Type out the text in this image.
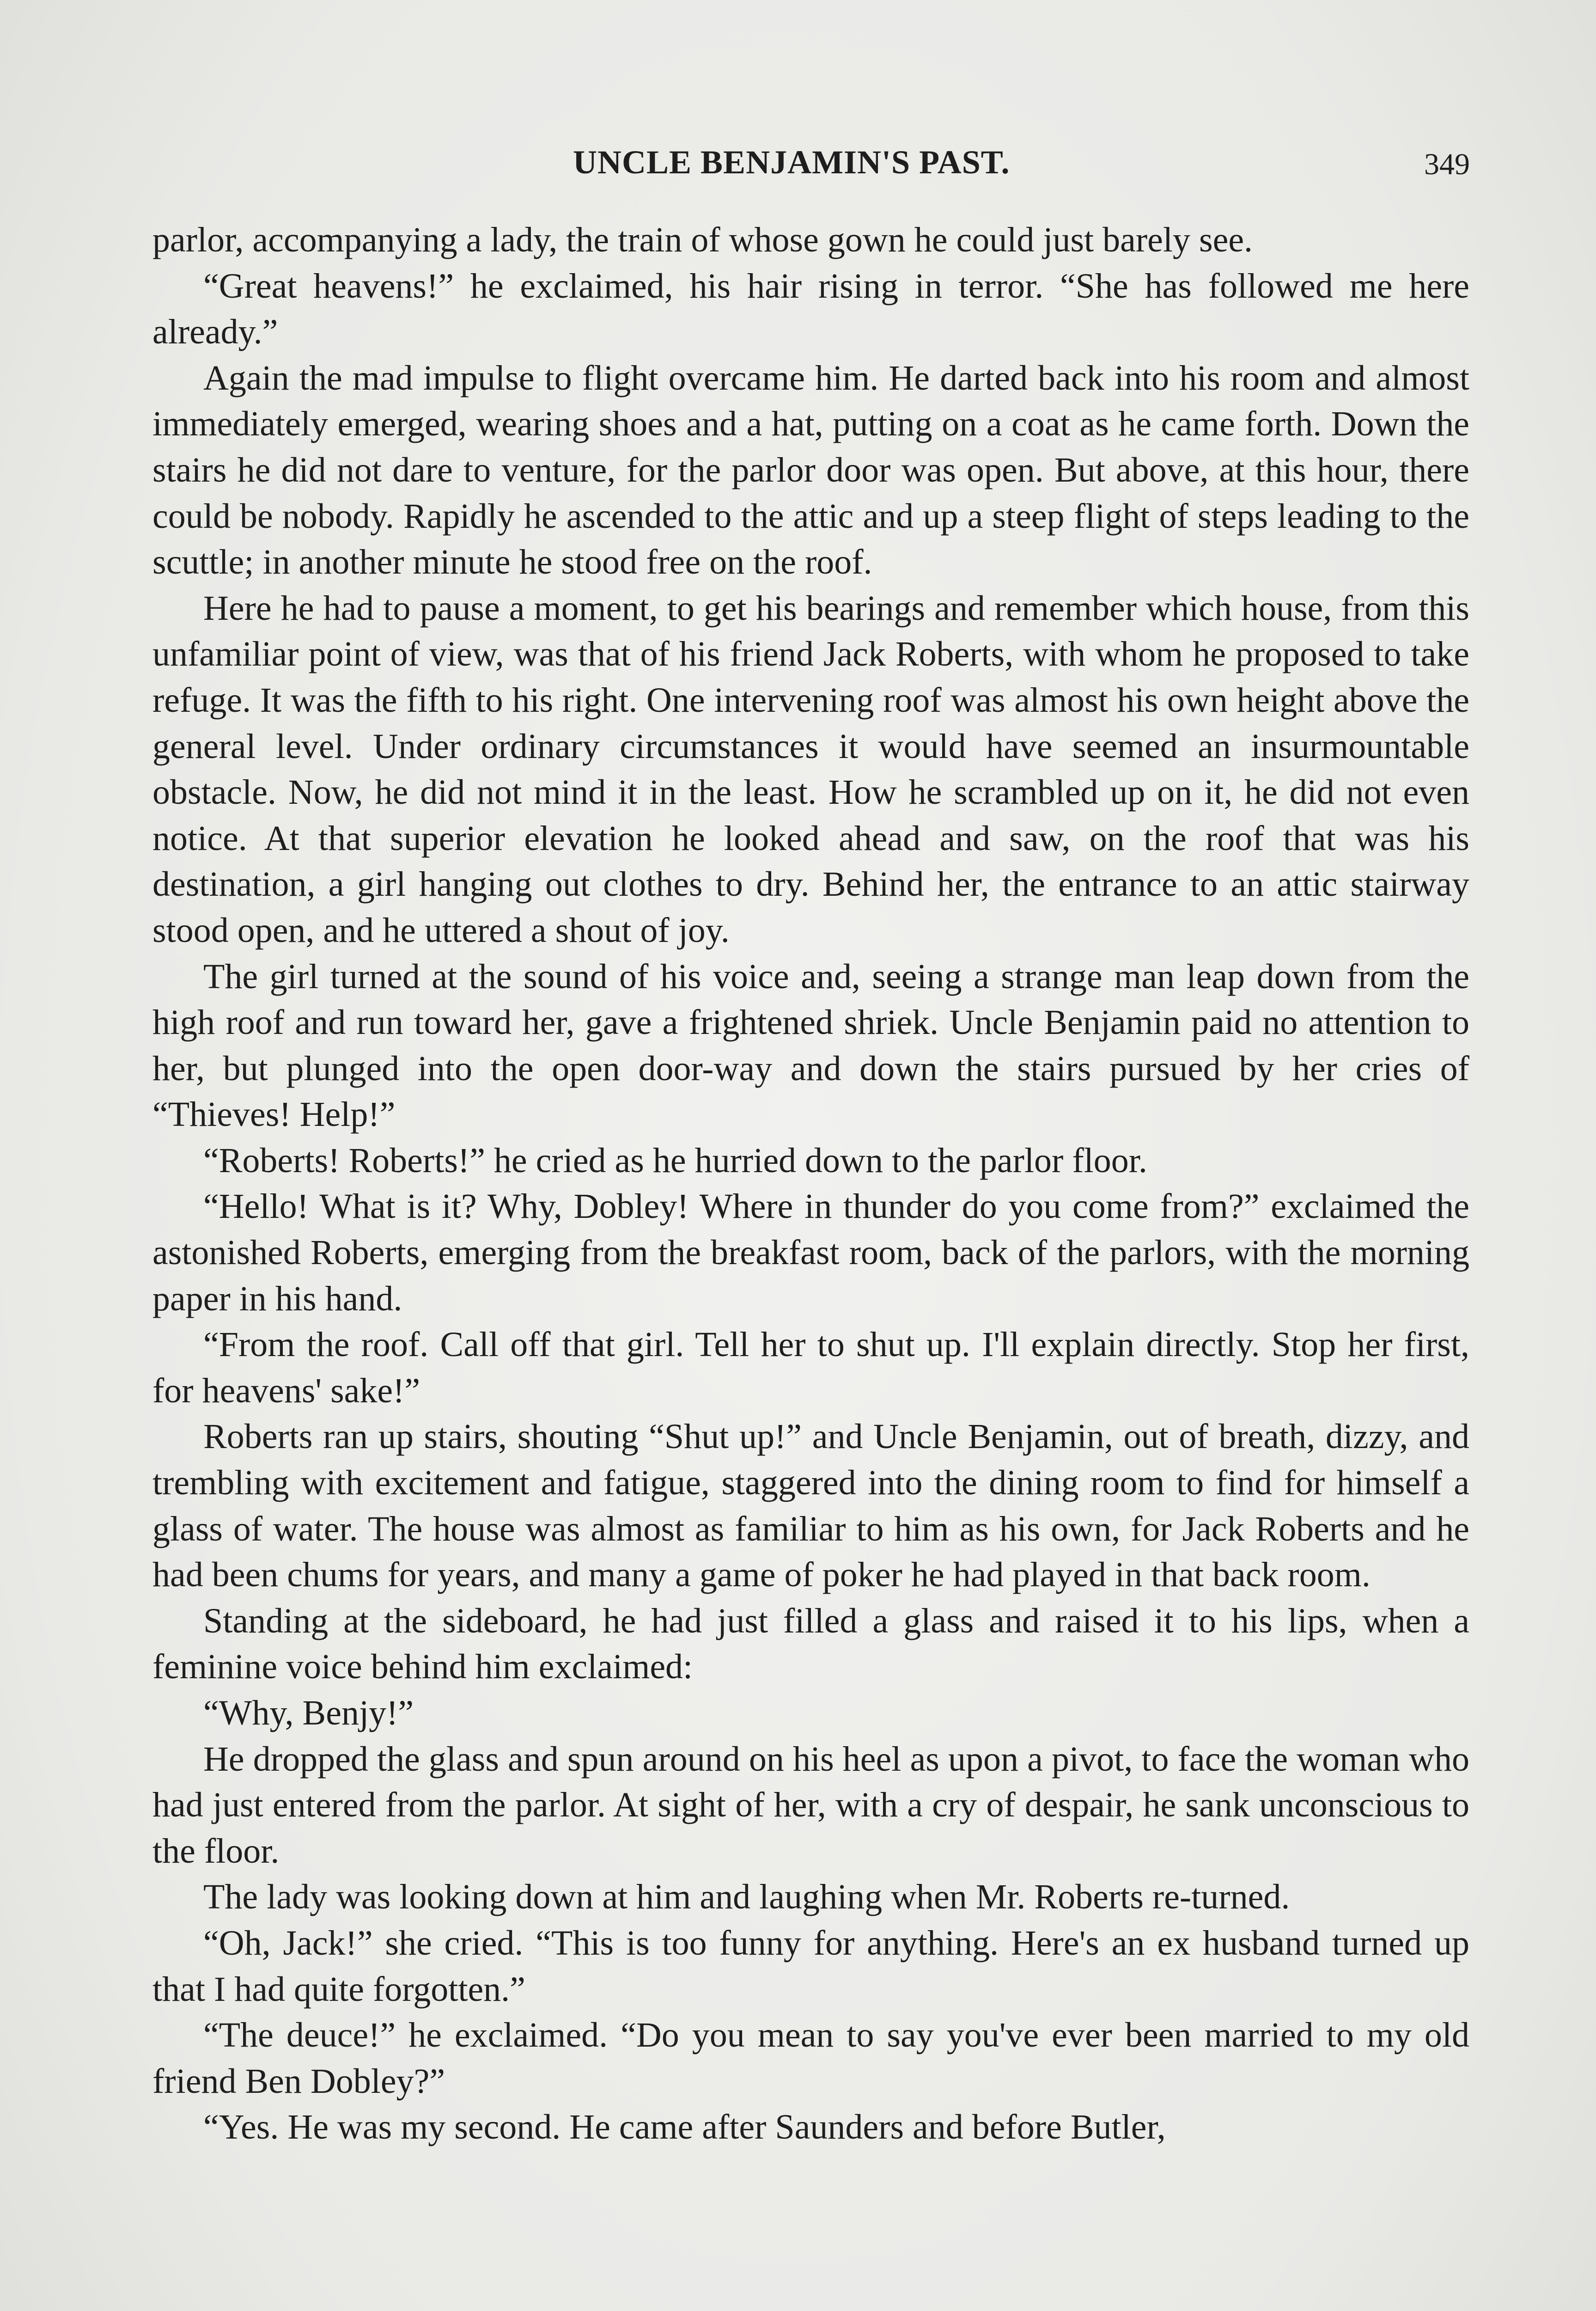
UNCLE BENJAMIN'S PAST.	349

parlor, accompanying a lady, the train of whose gown he could just barely see.

“Great heavens!” he exclaimed, his hair rising in terror. “She has followed me here already.”

Again the mad impulse to flight overcame him. He darted back into his room and almost immediately emerged, wearing shoes and a hat, putting on a coat as he came forth. Down the stairs he did not dare to venture, for the parlor door was open. But above, at this hour, there could be nobody. Rapidly he ascended to the attic and up a steep flight of steps leading to the scuttle; in another minute he stood free on the roof.

Here he had to pause a moment, to get his bearings and remember which house, from this unfamiliar point of view, was that of his friend Jack Roberts, with whom he proposed to take refuge. It was the fifth to his right. One intervening roof was almost his own height above the general level. Under ordinary circumstances it would have seemed an insurmountable obstacle. Now, he did not mind it in the least. How he scrambled up on it, he did not even notice. At that superior elevation he looked ahead and saw, on the roof that was his destination, a girl hanging out clothes to dry. Behind her, the entrance to an attic stairway stood open, and he uttered a shout of joy.

The girl turned at the sound of his voice and, seeing a strange man leap down from the high roof and run toward her, gave a frightened shriek. Uncle Benjamin paid no attention to her, but plunged into the open door-way and down the stairs pursued by her cries of “Thieves! Help!”

“Roberts! Roberts!” he cried as he hurried down to the parlor floor.

“Hello! What is it? Why, Dobley! Where in thunder do you come from?” exclaimed the astonished Roberts, emerging from the breakfast room, back of the parlors, with the morning paper in his hand.

“From the roof. Call off that girl. Tell her to shut up. I'll explain directly. Stop her first, for heavens' sake!”

Roberts ran up stairs, shouting “Shut up!” and Uncle Benjamin, out of breath, dizzy, and trembling with excitement and fatigue, staggered into the dining room to find for himself a glass of water. The house was almost as familiar to him as his own, for Jack Roberts and he had been chums for years, and many a game of poker he had played in that back room.

Standing at the sideboard, he had just filled a glass and raised it to his lips, when a feminine voice behind him exclaimed:

“Why, Benjy!”

He dropped the glass and spun around on his heel as upon a pivot, to face the woman who had just entered from the parlor. At sight of her, with a cry of despair, he sank unconscious to the floor.

The lady was looking down at him and laughing when Mr. Roberts re-turned.

“Oh, Jack!” she cried. “This is too funny for anything. Here's an ex husband turned up that I had quite forgotten.”

“The deuce!” he exclaimed. “Do you mean to say you've ever been married to my old friend Ben Dobley?”

“Yes. He was my second. He came after Saunders and before Butler,
